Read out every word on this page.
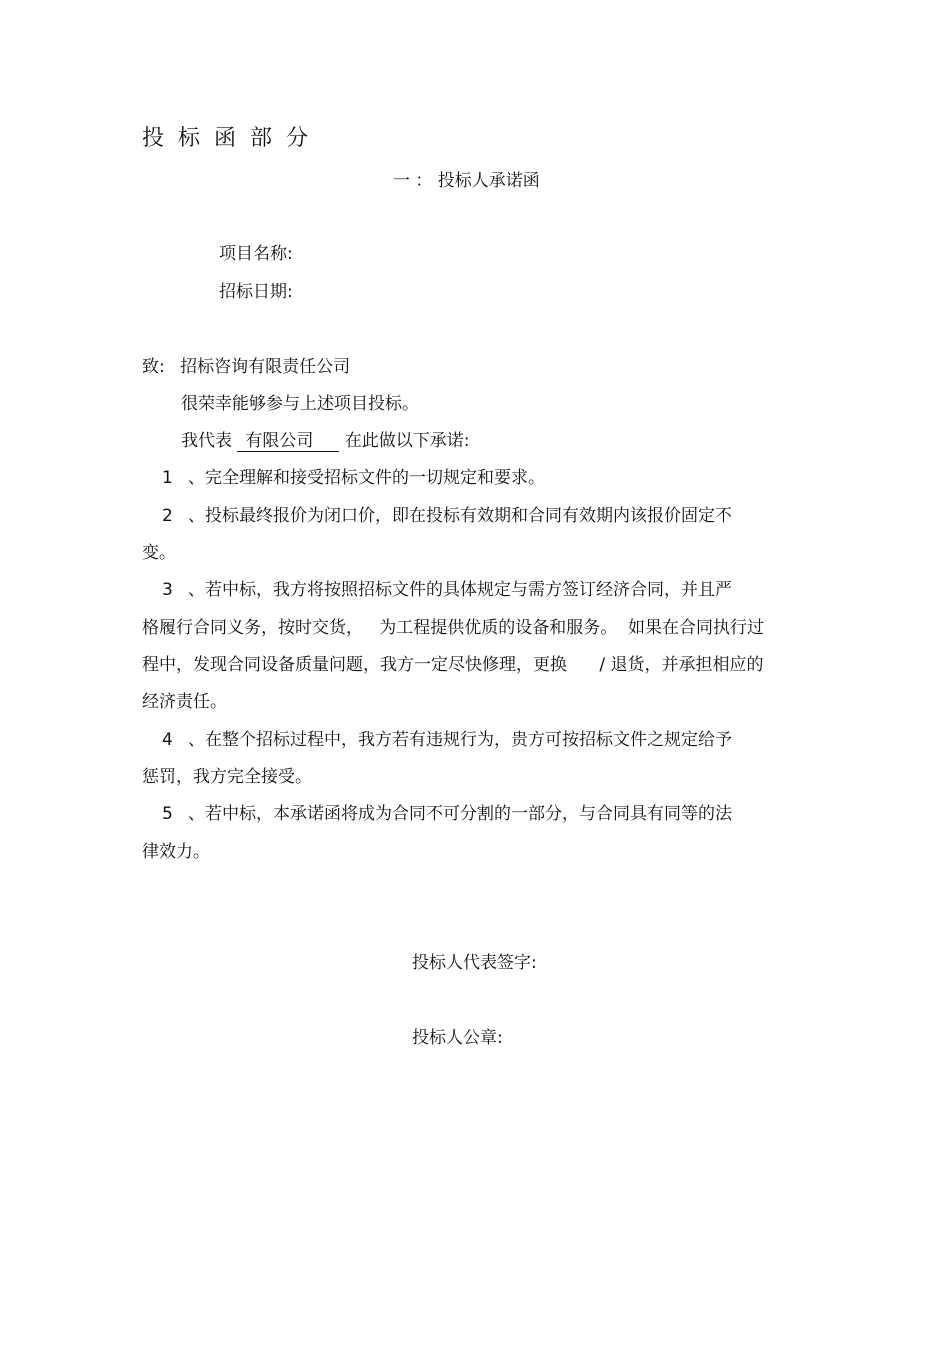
投标函部分
一 ： 投标人承诺函
项目名称:
招标日期:
致: 招标咨询有限责任公司
很荣幸能够参与上述项目投标。
我代表 有限公司 在此做以下承诺:
1 、完全理解和接受招标文件的一切规定和要求。
2 、投标最终报价为闭口价，即在投标有效期和合同有效期内该报价固定不
变。
3 、若中标，我方将按照招标文件的具体规定与需方签订经济合同，并且严
格履行合同义务，按时交货，   为工程提供优质的设备和服务。  如果在合同执行过
程中，发现合同设备质量问题，我方一定尽快修理，更换      / 退货，并承担相应的
经济责任。
4 、在整个招标过程中，我方若有违规行为，贵方可按招标文件之规定给予
惩罚，我方完全接受。
5 、若中标，本承诺函将成为合同不可分割的一部分，与合同具有同等的法
律效力。
投标人代表签字:
投标人公章:
